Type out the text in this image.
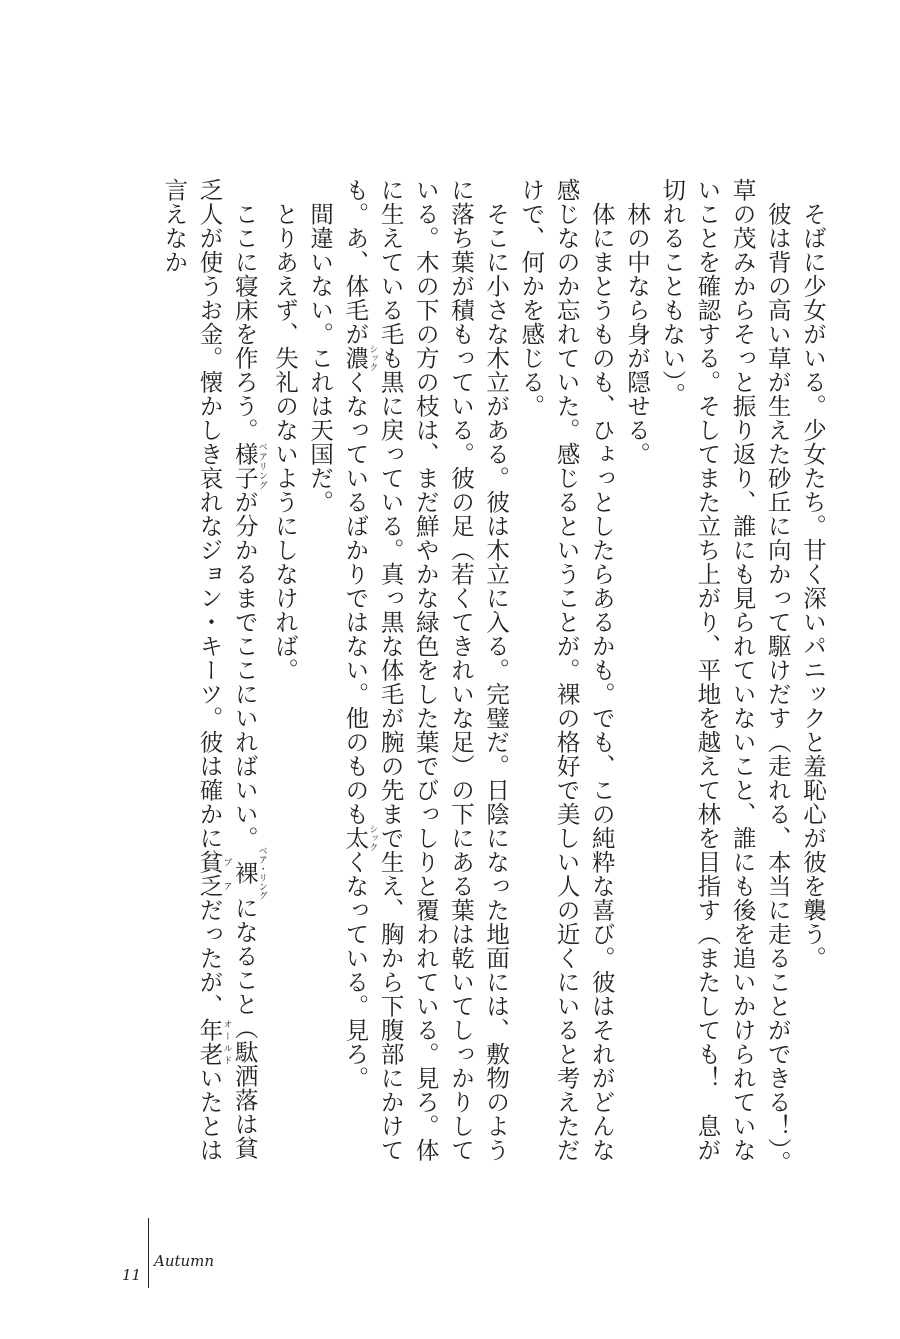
そばに少女がいる。少女たち。甘く深いパニックと羞恥心が彼を襲う。

彼は背の高い草が生えた砂丘に向かって駆けだす（走れる、本当に走ることができる！）。草の茂みからそっと振り返り、誰にも見られていないこと、誰にも後を追いかけられていないことを確認する。そしてまた立ち上がり、平地を越えて林を目指す（またしても！　息が切れることもない）。

林の中なら身が隠せる。

体にまとうものも、ひょっとしたらあるかも。でも、この純粋な喜び。彼はそれがどんな感じなのか忘れていた。感じるということが。裸の格好で美しい人の近くにいると考えただけで、何かを感じる。

そこに小さな木立がある。彼は木立に入る。完璧だ。日陰になった地面には、敷物のように落ち葉が積もっている。彼の足（若くてきれいな足）の下にある葉は乾いてしっかりしている。木の下の方の枝は、まだ鮮やかな緑色をした葉でびっしりと覆われている。見ろ。体に生えている毛も黒に戻っている。真っ黒な体毛が腕の先まで生え、胸から下腹部にかけても。あ、体毛が濃シックくなっているばかりではない。他のものも太シックくなっている。見ろ。

間違いない。これは天国だ。

とりあえず、失礼のないようにしなければ。

ここに寝床を作ろう。様子ベアリングが分かるまでここにいればいい。裸ベア・リングになること（駄洒落は貧乏人が使うお金。懐かしき哀れなジョン・キーツ。彼は確かに貧乏プアだったが、年老オールドいたとは言えなか

11
Autumn
